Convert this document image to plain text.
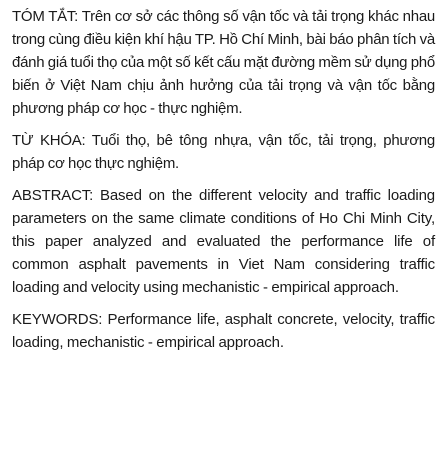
TÓM TẮT: Trên cơ sở các thông số vận tốc và tải trọng khác nhau trong cùng điều kiện khí hậu TP. Hồ Chí Minh, bài báo phân tích và đánh giá tuổi thọ của một số kết cấu mặt đường mềm sử dụng phổ biến ở Việt Nam chịu ảnh hưởng của tải trọng và vận tốc bằng phương pháp cơ học - thực nghiệm.

TỪ KHÓA: Tuổi thọ, bê tông nhựa, vận tốc, tải trọng, phương pháp cơ học thực nghiệm.

ABSTRACT: Based on the different velocity and traffic loading parameters on the same climate conditions of Ho Chi Minh City, this paper analyzed and evaluated the performance life of common asphalt pavements in Viet Nam considering traffic loading and velocity using mechanistic - empirical approach.

KEYWORDS: Performance life, asphalt concrete, velocity, traffic loading, mechanistic - empirical approach.
